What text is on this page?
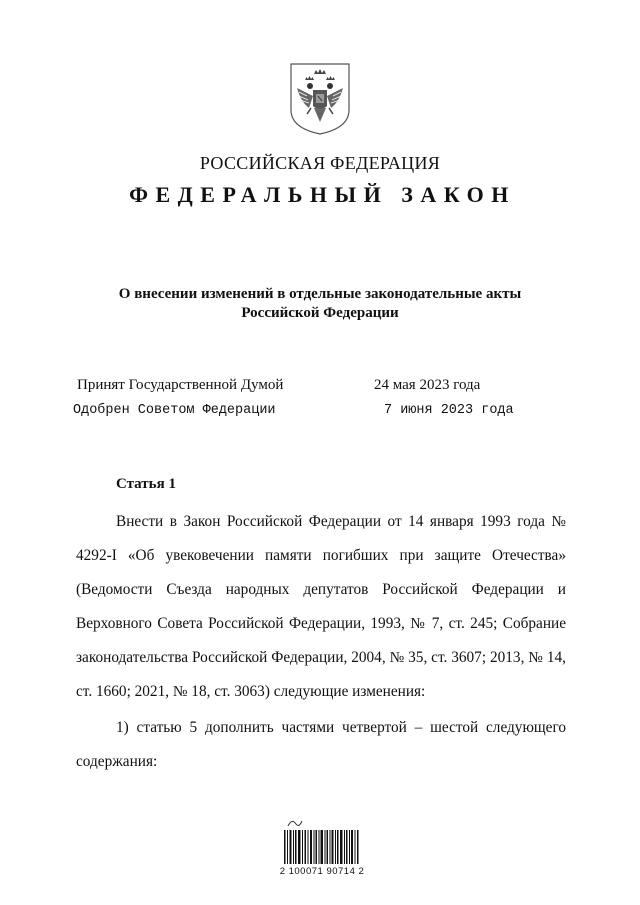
РОССИЙСКАЯ ФЕДЕРАЦИЯ
ФЕДЕРАЛЬНЫЙ ЗАКОН
О внесении изменений в отдельные законодательные акты
Российской Федерации
Принят Государственной Думой	24 мая 2023 года
Одобрен Советом Федерации	7 июня 2023 года
Статья 1
Внести в Закон Российской Федерации от 14 января 1993 года № 4292-I «Об увековечении памяти погибших при защите Отечества» (Ведомости Съезда народных депутатов Российской Федерации и Верховного Совета Российской Федерации, 1993, № 7, ст. 245; Собрание законодательства Российской Федерации, 2004, № 35, ст. 3607; 2013, № 14, ст. 1660; 2021, № 18, ст. 3063) следующие изменения:
1) статью 5 дополнить частями четвертой – шестой следующего содержания:
2 100071 90714 2
